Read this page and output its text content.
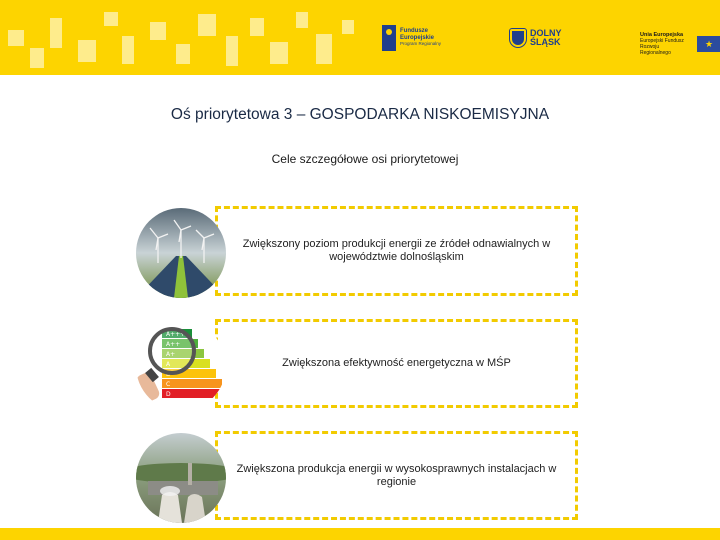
Fundusze
Europejskie
Program Regionalny
DOLNY
ŚLĄSK
Unia Europejska
Europejski Fundusz
Rozwoju Regionalnego
★
Oś priorytetowa 3 – GOSPODARKA NISKOEMISYJNA
Cele szczegółowe osi priorytetowej
Zwiększony poziom produkcji energii ze źródeł odnawialnych w województwie dolnośląskim
Zwiększona efektywność energetyczna w MŚP
A+++
A++
A+
A
B
C
D
Zwiększona produkcja energii w wysokosprawnych instalacjach w regionie
